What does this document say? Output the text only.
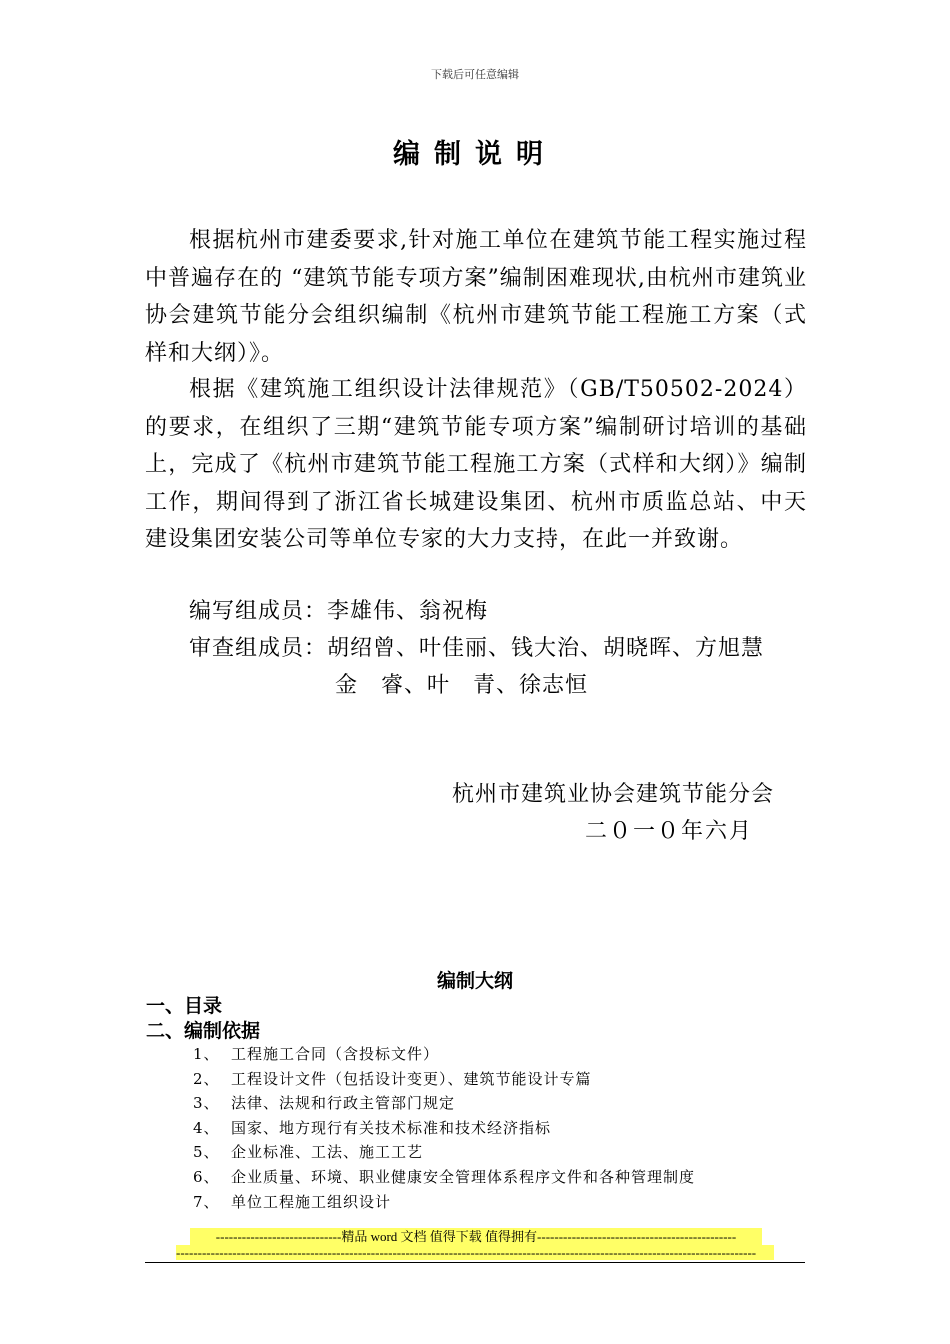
下载后可任意编辑
编制说明

根据杭州市建委要求,针对施工单位在建筑节能工程实施过程中普遍存在的 “建筑节能专项方案”编制困难现状,由杭州市建筑业协会建筑节能分会组织编制《杭州市建筑节能工程施工方案（式样和大纲）》。

根据《建筑施工组织设计法律规范》（GB/T50502-2024）的要求，在组织了三期“建筑节能专项方案”编制研讨培训的基础上，完成了《杭州市建筑节能工程施工方案（式样和大纲）》编制工作，期间得到了浙江省长城建设集团、杭州市质监总站、中天建设集团安装公司等单位专家的大力支持，在此一并致谢。

编写组成员：李雄伟、翁祝梅
审查组成员：胡绍曾、叶佳丽、钱大治、胡晓晖、方旭慧
金　睿、叶　青、徐志恒
杭州市建筑业协会建筑节能分会
二０一０年六月
编制大纲
一、目录
二、编制依据
1、 工程施工合同（含投标文件）
2、 工程设计文件（包括设计变更）、建筑节能设计专篇
3、 法律、法规和行政主管部门规定
4、 国家、地方现行有关技术标准和技术经济指标
5、 企业标准、工法、施工工艺
6、 企业质量、环境、职业健康安全管理体系程序文件和各种管理制度
7、 单位工程施工组织设计
-----------------------------精品 word 文档 值得下载 值得拥有----------------------------------------------
--------------------------------------------------------------------------------------------------------------------------------------
